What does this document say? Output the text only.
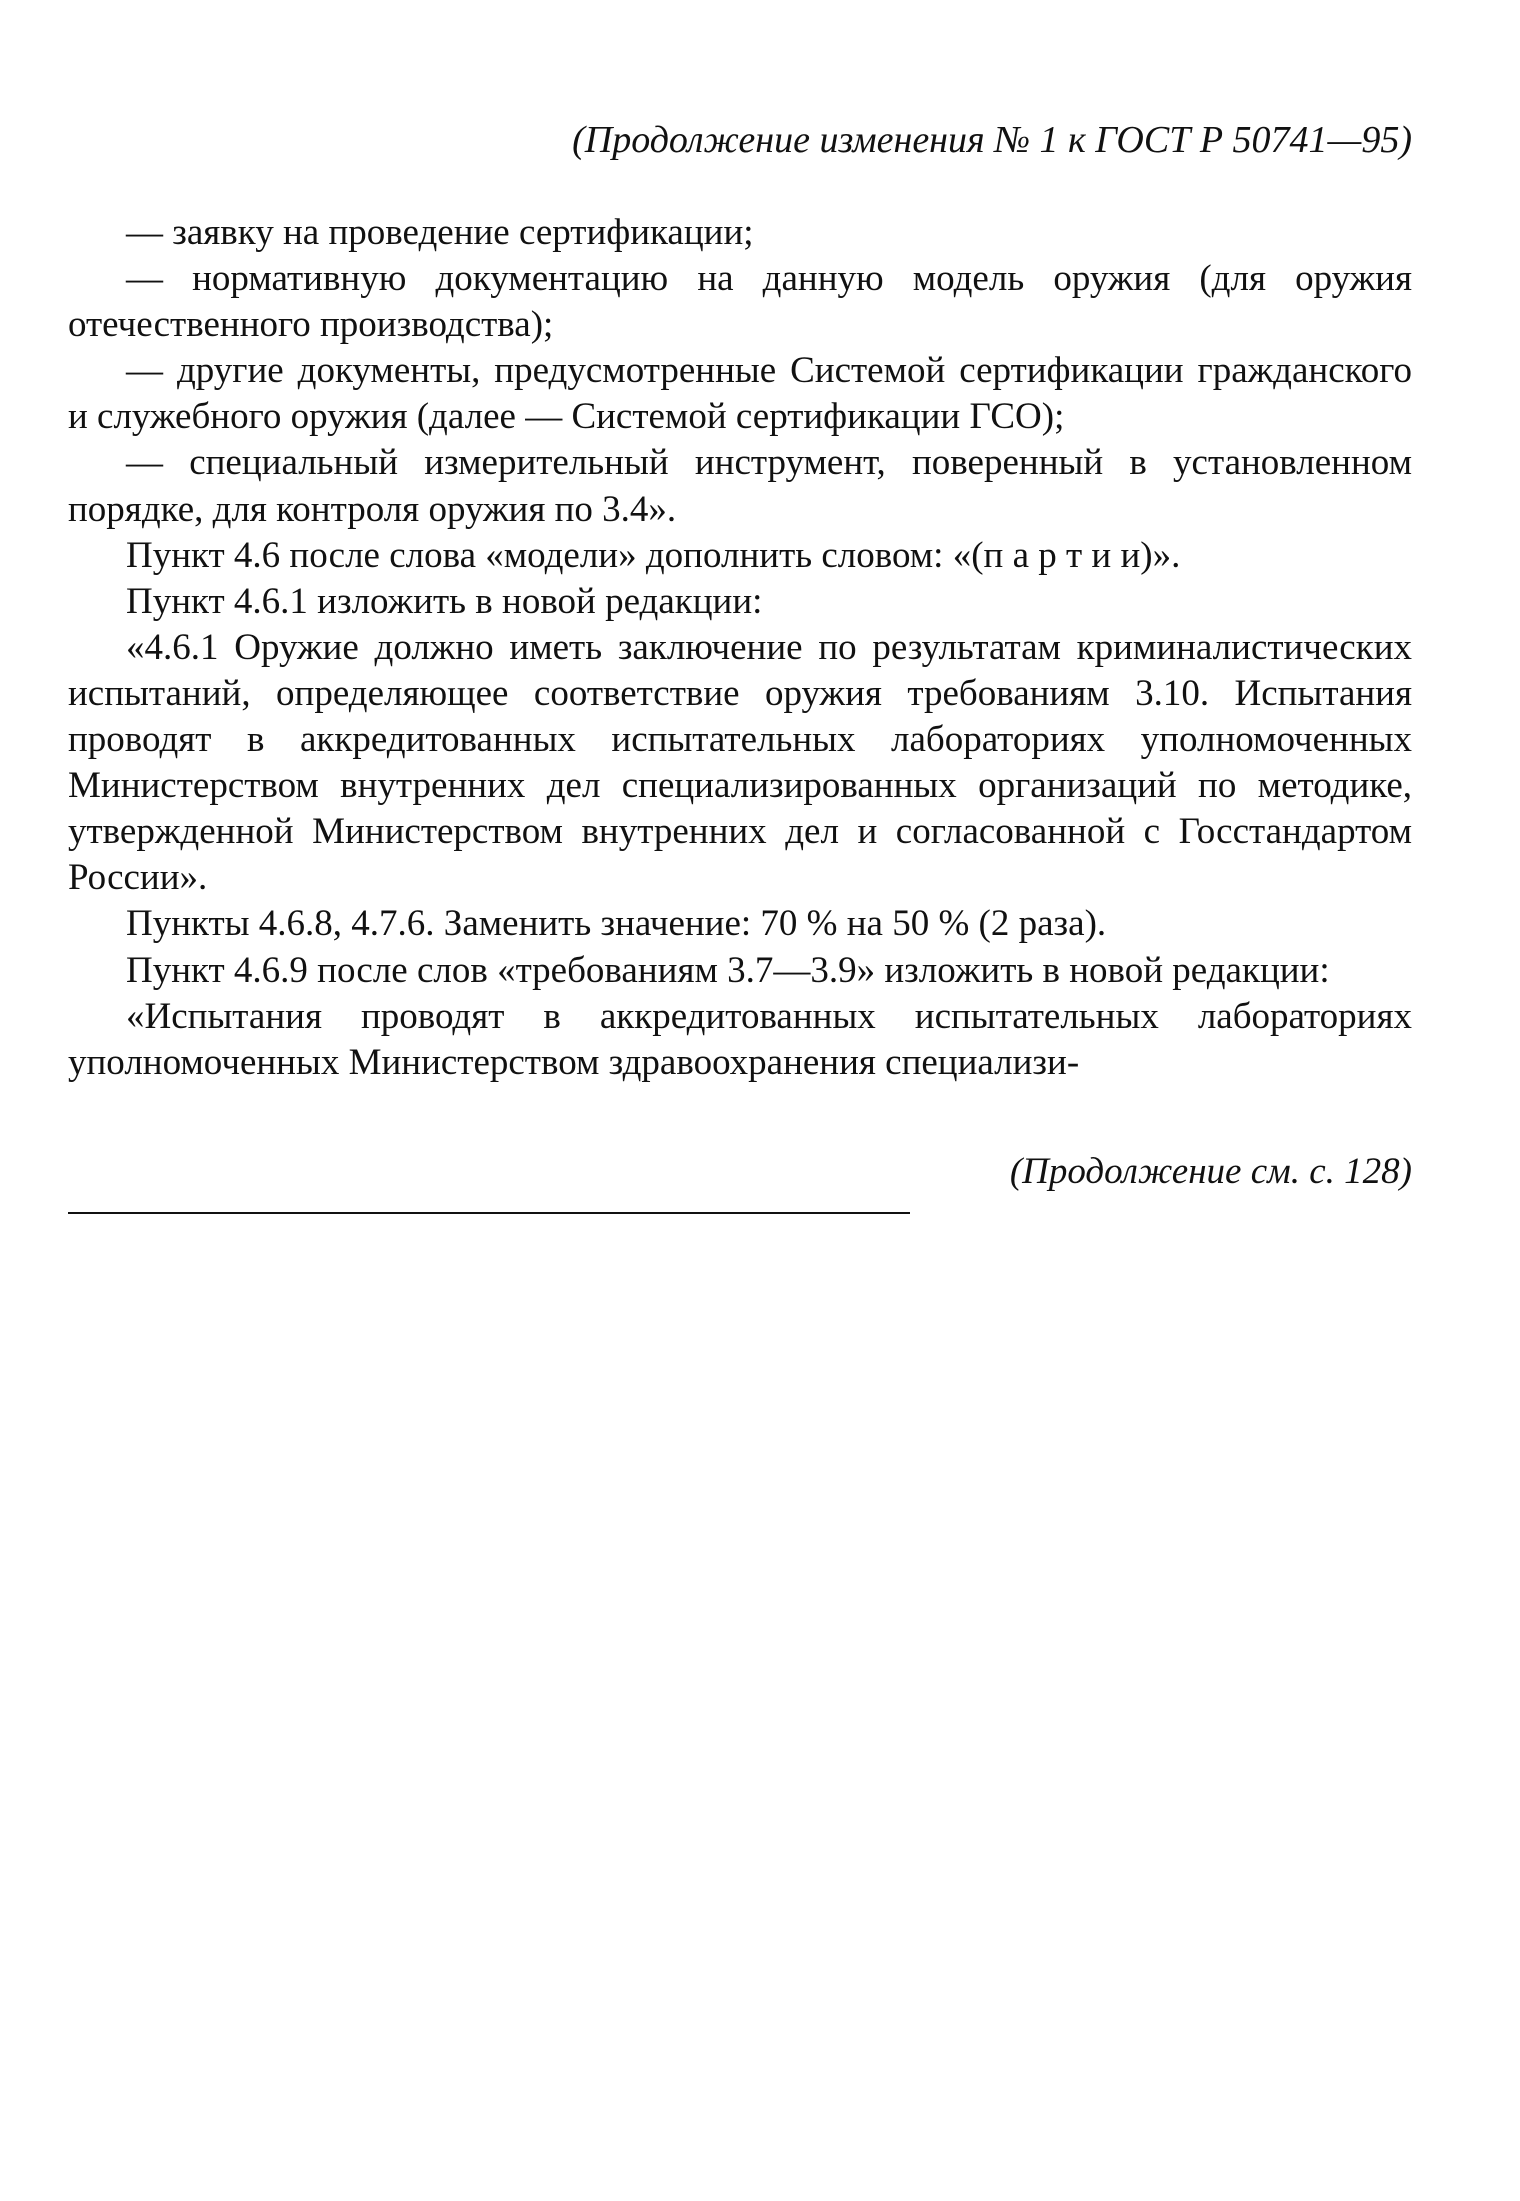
(Продолжение изменения № 1 к ГОСТ Р 50741—95)

— заявку на проведение сертификации;

— нормативную документацию на данную модель оружия (для оружия отечественного производства);

— другие документы, предусмотренные Системой сертификации гражданского и служебного оружия (далее — Системой сертификации ГСО);

— специальный измерительный инструмент, поверенный в установленном порядке, для контроля оружия по 3.4».

Пункт 4.6 после слова «модели» дополнить словом: «(п а р т и и)».

Пункт 4.6.1 изложить в новой редакции:

«4.6.1 Оружие должно иметь заключение по результатам криминалистических испытаний, определяющее соответствие оружия требованиям 3.10. Испытания проводят в аккредитованных испытательных лабораториях уполномоченных Министерством внутренних дел специализированных организаций по методике, утвержденной Министерством внутренних дел и согласованной с Госстандартом России».

Пункты 4.6.8, 4.7.6. Заменить значение: 70 % на 50 % (2 раза).

Пункт 4.6.9 после слов «требованиям 3.7—3.9» изложить в новой редакции:

«Испытания проводят в аккредитованных испытательных лабораториях уполномоченных Министерством здравоохранения специализи-

(Продолжение см. с. 128)
